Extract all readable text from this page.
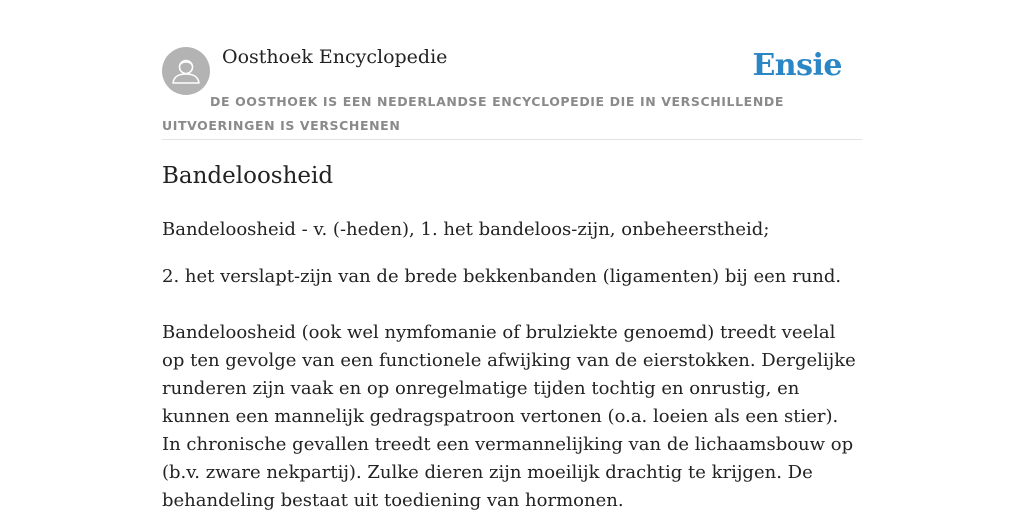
Oosthoek Encyclopedie	Ensie
DE OOSTHOEK IS EEN NEDERLANDSE ENCYCLOPEDIE DIE IN VERSCHILLENDE UITVOERINGEN IS VERSCHENEN
Bandeloosheid

Bandeloosheid - v. (-heden), 1. het bandeloos-zijn, onbeheerstheid;

2. het verslapt-zijn van de brede bekkenbanden (ligamenten) bij een rund.

Bandeloosheid (ook wel nymfomanie of brulziekte genoemd) treedt veelal op ten gevolge van een functionele afwijking van de eierstokken. Dergelijke runderen zijn vaak en op onregelmatige tijden tochtig en onrustig, en kunnen een mannelijk gedragspatroon vertonen (o.a. loeien als een stier). In chronische gevallen treedt een vermannelijking van de lichaamsbouw op (b.v. zware nekpartij). Zulke dieren zijn moeilijk drachtig te krijgen. De behandeling bestaat uit toediening van hormonen.
